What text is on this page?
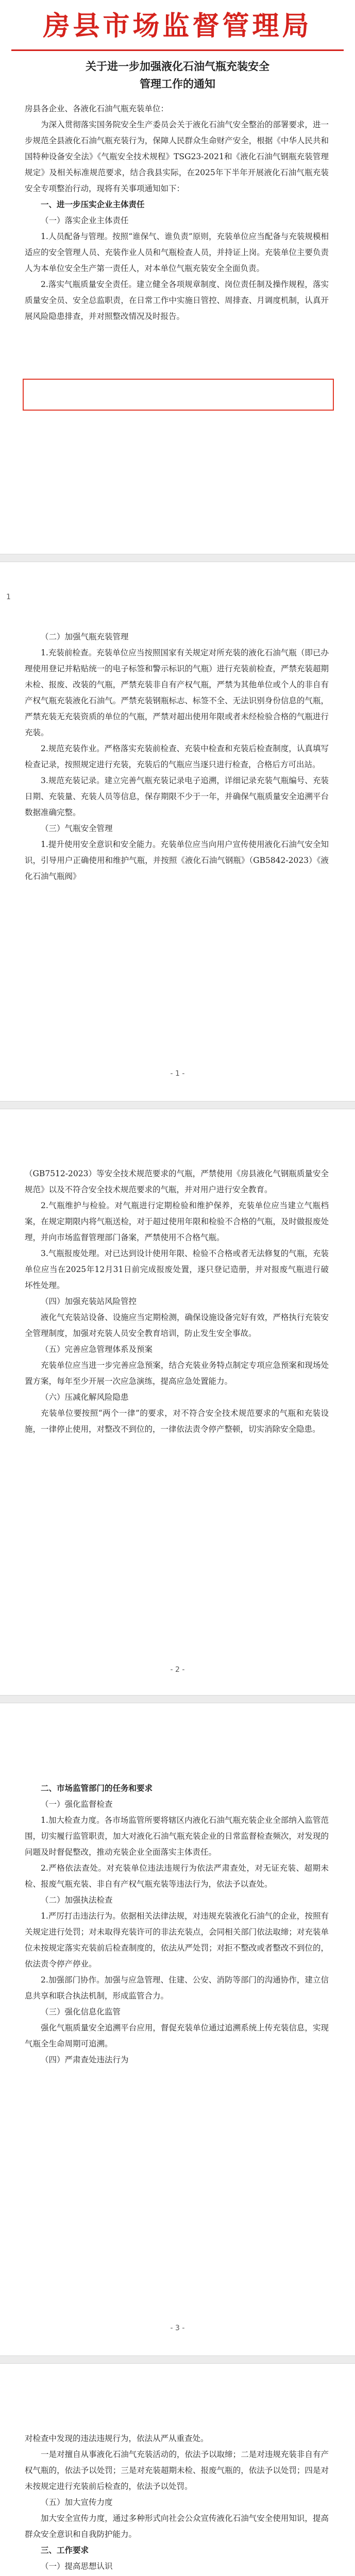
房县市场监督管理局
关于进一步加强液化石油气瓶充装安全
管理工作的通知

房县各企业、各液化石油气瓶充装单位：

为深入贯彻落实国务院安全生产委员会关于液化石油气安全整治的部署要求，进一步规范全县液化石油气瓶充装行为，保障人民群众生命财产安全，根据《中华人民共和国特种设备安全法》《气瓶安全技术规程》TSG23-2021和《液化石油气钢瓶充装管理规定》及相关标准规范要求，结合我县实际，在2025年下半年开展液化石油气瓶充装安全专项整治行动，现将有关事项通知如下：

一、进一步压实企业主体责任

（一）落实企业主体责任

1.人员配备与管理。按照“谁保气、谁负责”原则，充装单位应当配备与充装规模相适应的安全管理人员、充装作业人员和气瓶检查人员，并持证上岗。充装单位主要负责人为本单位安全生产第一责任人，对本单位气瓶充装安全全面负责。

2.落实气瓶质量安全责任。建立健全各项规章制度、岗位责任制及操作规程，落实质量安全员、安全总监职责，在日常工作中实施日管控、周排查、月调度机制，认真开展风险隐患排查，并对照整改情况及时报告。

1

（二）加强气瓶充装管理

1.充装前检查。充装单位应当按照国家有关规定对所充装的液化石油气瓶（即已办理使用登记并粘贴统一的电子标签和警示标识的气瓶）进行充装前检查，严禁充装超期未检、报废、改装的气瓶，严禁充装非自有产权气瓶，严禁为其他单位或个人的非自有产权气瓶充装液化石油气。严禁充装钢瓶标志、标签不全、无法识别身份信息的气瓶，严禁充装无充装资质的单位的气瓶，严禁对超出使用年限或者未经检验合格的气瓶进行充装。

2.规范充装作业。严格落实充装前检查、充装中检查和充装后检查制度，认真填写检查记录，按照规定进行充装，充装后的气瓶应当逐只进行检查，合格后方可出站。

3.规范充装记录。建立完善气瓶充装记录电子追溯，详细记录充装气瓶编号、充装日期、充装量、充装人员等信息，保存期限不少于一年，并确保气瓶质量安全追溯平台数据准确完整。

（三）气瓶安全管理

1.提升使用安全意识和安全能力。充装单位应当向用户宣传使用液化石油气安全知识，引导用户正确使用和维护气瓶，并按照《液化石油气钢瓶》（GB5842-2023）《液化石油气瓶阀》

- 1 -

（GB7512-2023）等安全技术规范要求的气瓶，严禁使用《房县液化气钢瓶质量安全规范》以及不符合安全技术规范要求的气瓶，并对用户进行安全教育。

2.气瓶维护与检验。对气瓶进行定期检验和维护保养，充装单位应当建立气瓶档案，在规定期限内将气瓶送检，对于超过使用年限和检验不合格的气瓶，及时做报废处理，并向市场监督管理部门备案，严禁使用不合格气瓶。

3.气瓶报废处理。对已达到设计使用年限、检验不合格或者无法修复的气瓶，充装单位应当在2025年12月31日前完成报废处置，逐只登记造册，并对报废气瓶进行破坏性处理。

（四）加强充装站风险管控

液化气充装站设备、设施应当定期检测，确保设施设备完好有效，严格执行充装安全管理制度，加强对充装人员安全教育培训，防止发生安全事故。

（五）完善应急管理体系及预案

充装单位应当进一步完善应急预案，结合充装业务特点制定专项应急预案和现场处置方案，每年至少开展一次应急演练，提高应急处置能力。

（六）压减化解风险隐患

充装单位要按照“两个一律”的要求，对不符合安全技术规范要求的气瓶和充装设施，一律停止使用，对整改不到位的，一律依法责令停产整顿，切实消除安全隐患。

- 2 -

二、市场监管部门的任务和要求

（一）强化监督检查

1.加大检查力度。各市场监管所要将辖区内液化石油气瓶充装企业全部纳入监管范围，切实履行监管职责，加大对液化石油气瓶充装企业的日常监督检查频次，对发现的问题及时督促整改，推动充装企业全面落实主体责任。

2.严格依法查处。对充装单位违法违规行为依法严肃查处，对无证充装、超期未检、报废气瓶充装、非自有产权气瓶充装等违法行为，依法予以查处。

（二）加强执法检查

1.严厉打击违法行为。依据相关法律法规，对违规充装液化石油气的企业，按照有关规定进行处罚；对未取得充装许可的非法充装点，会同相关部门依法取缔；对充装单位未按规定落实充装前后检查制度的，依法从严处罚；对拒不整改或者整改不到位的，依法责令停产停业。

2.加强部门协作。加强与应急管理、住建、公安、消防等部门的沟通协作，建立信息共享和联合执法机制，形成监管合力。

（三）强化信息化监管

强化气瓶质量安全追溯平台应用，督促充装单位通过追溯系统上传充装信息，实现气瓶全生命周期可追溯。

（四）严肃查处违法行为

- 3 -

对检查中发现的违法违规行为，依法从严从重查处。

一是对擅自从事液化石油气充装活动的，依法予以取缔；二是对违规充装非自有产权气瓶的，依法予以处罚；三是对充装超期未检、报废气瓶的，依法予以处罚；四是对未按规定进行充装前后检查的，依法予以处罚。

（五）加大宣传力度

加大安全宣传力度，通过多种形式向社会公众宣传液化石油气安全使用知识，提高群众安全意识和自我防护能力。

三、工作要求

（一）提高思想认识
